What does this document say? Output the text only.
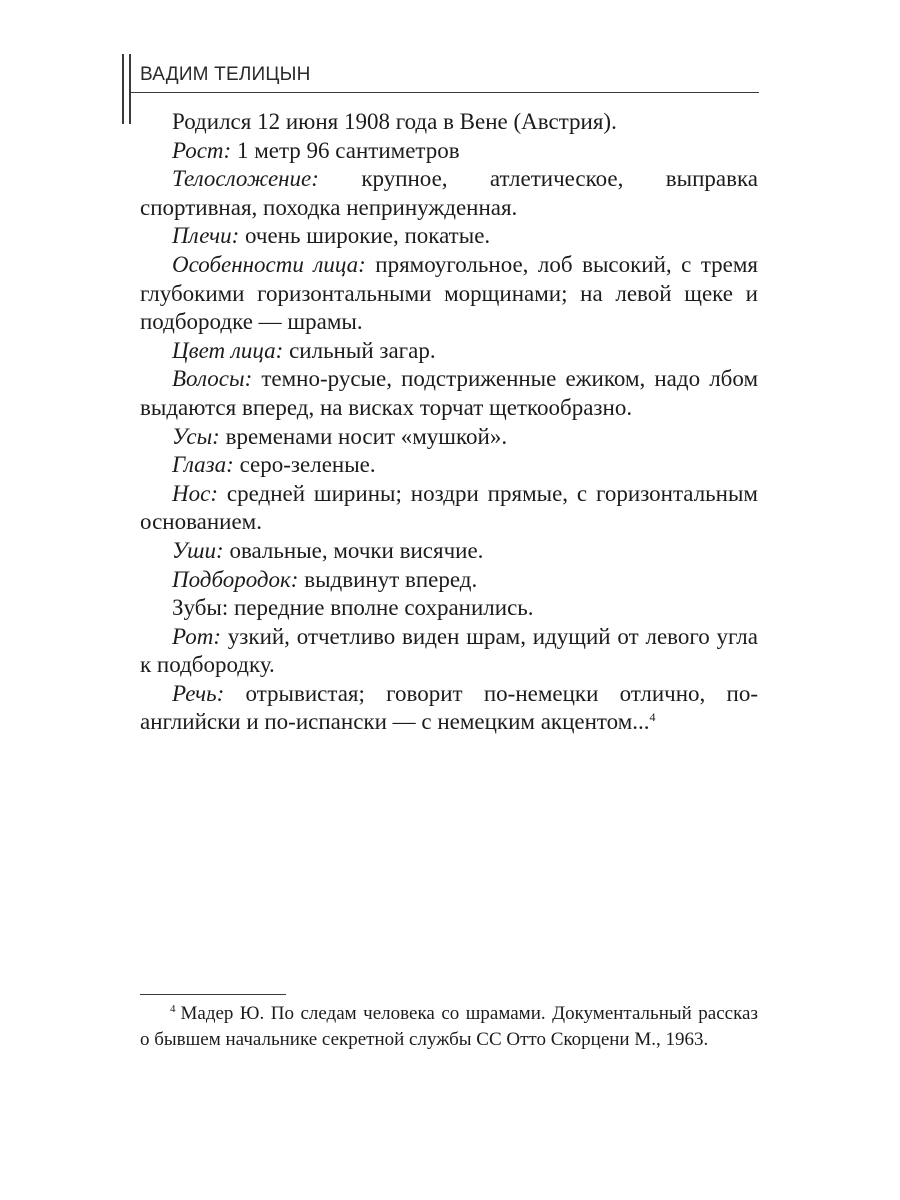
ВАДИМ ТЕЛИЦЫН

Родился 12 июня 1908 года в Вене (Австрия).

Рост: 1 метр 96 сантиметров

Телосложение: крупное, атлетическое, выправка спортивная, походка непринужденная.

Плечи: очень широкие, покатые.

Особенности лица: прямоугольное, лоб высокий, с тремя глубокими горизонтальными морщинами; на левой щеке и подбородке — шрамы.

Цвет лица: сильный загар.

Волосы: темно-русые, подстриженные ежиком, надо лбом выдаются вперед, на висках торчат щеткообразно.

Усы: временами носит «мушкой».

Глаза: серо-зеленые.

Нос: средней ширины; ноздри прямые, с горизонтальным основанием.

Уши: овальные, мочки висячие.

Подбородок: выдвинут вперед.

Зубы: передние вполне сохранились.

Рот: узкий, отчетливо виден шрам, идущий от левого угла к подбородку.

Речь: отрывистая; говорит по-немецки отлично, по-английски и по-испански — с немецким акцентом...$^4$

$^4$ Мадер Ю. По следам человека со шрамами. Документальный рассказ о бывшем начальнике секретной службы СС Отто Скорцени М., 1963.
